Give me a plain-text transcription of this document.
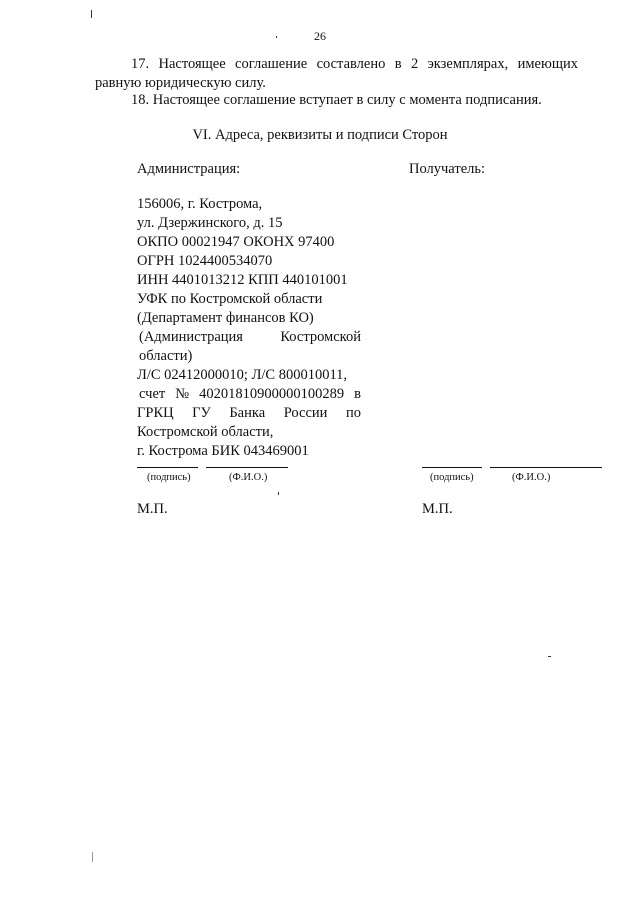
26
17. Настоящее соглашение составлено в 2 экземплярах, имеющих равную юридическую силу.
18. Настоящее соглашение вступает в силу с момента подписания.
VI. Адреса, реквизиты и подписи Сторон
Администрация:	Получатель:
156006, г. Кострома,
ул. Дзержинского, д. 15
ОКПО 00021947 ОКОНХ 97400
ОГРН 1024400534070
ИНН 4401013212 КПП 440101001
УФК по Костромской области
(Департамент финансов КО)
(Администрация	Костромской
области)
Л/С 02412000010; Л/С 800010011,
счет № 40201810900000100289 в
ГРКЦ ГУ Банка России по
Костромской области,
г. Кострома БИК 043469001
(подпись)	(Ф.И.О.)	(подпись)	(Ф.И.О.)
М.П.	М.П.
